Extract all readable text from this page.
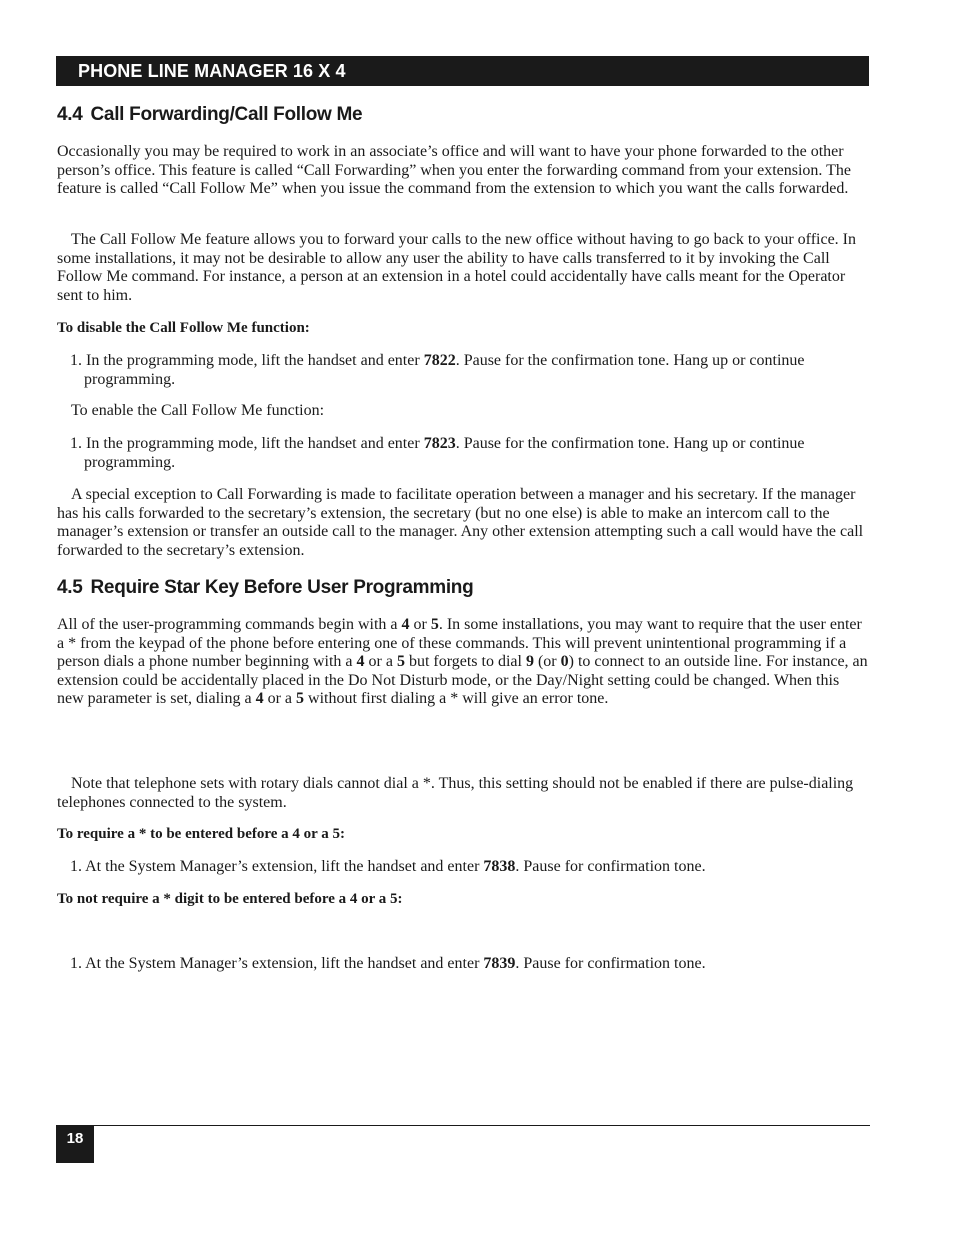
PHONE LINE MANAGER 16 X 4
4.4 Call Forwarding/Call Follow Me

Occasionally you may be required to work in an associate’s office and will want to have your phone forwarded to the other person’s office. This feature is called “Call Forwarding” when you enter the forwarding command from your extension. The feature is called “Call Follow Me” when you issue the command from the extension to which you want the calls forwarded.

The Call Follow Me feature allows you to forward your calls to the new office without having to go back to your office. In some installations, it may not be desirable to allow any user the ability to have calls transferred to it by invoking the Call Follow Me command. For instance, a person at an extension in a hotel could accidentally have calls meant for the Operator sent to him.

To disable the Call Follow Me function:
1. In the programming mode, lift the handset and enter 7822. Pause for the confirmation tone. Hang up or continue programming.

To enable the Call Follow Me function:

1. In the programming mode, lift the handset and enter 7823. Pause for the confirmation tone. Hang up or continue programming.

A special exception to Call Forwarding is made to facilitate operation between a manager and his secretary. If the manager has his calls forwarded to the secretary’s extension, the secretary (but no one else) is able to make an intercom call to the manager’s extension or transfer an outside call to the manager. Any other extension attempting such a call would have the call forwarded to the secretary’s extension.

4.5 Require Star Key Before User Programming

All of the user-programming commands begin with a 4 or 5. In some installations, you may want to require that the user enter a * from the keypad of the phone before entering one of these commands. This will prevent unintentional programming if a person dials a phone number beginning with a 4 or a 5 but forgets to dial 9 (or 0) to connect to an outside line. For instance, an extension could be accidentally placed in the Do Not Disturb mode, or the Day/Night setting could be changed. When this new parameter is set, dialing a 4 or a 5 without first dialing a * will give an error tone.

Note that telephone sets with rotary dials cannot dial a *. Thus, this setting should not be enabled if there are pulse-dialing telephones connected to the system.

To require a * to be entered before a 4 or a 5:
1. At the System Manager’s extension, lift the handset and enter 7838. Pause for confirmation tone.
To not require a * digit to be entered before a 4 or a 5:
1. At the System Manager’s extension, lift the handset and enter 7839. Pause for confirmation tone.
18
